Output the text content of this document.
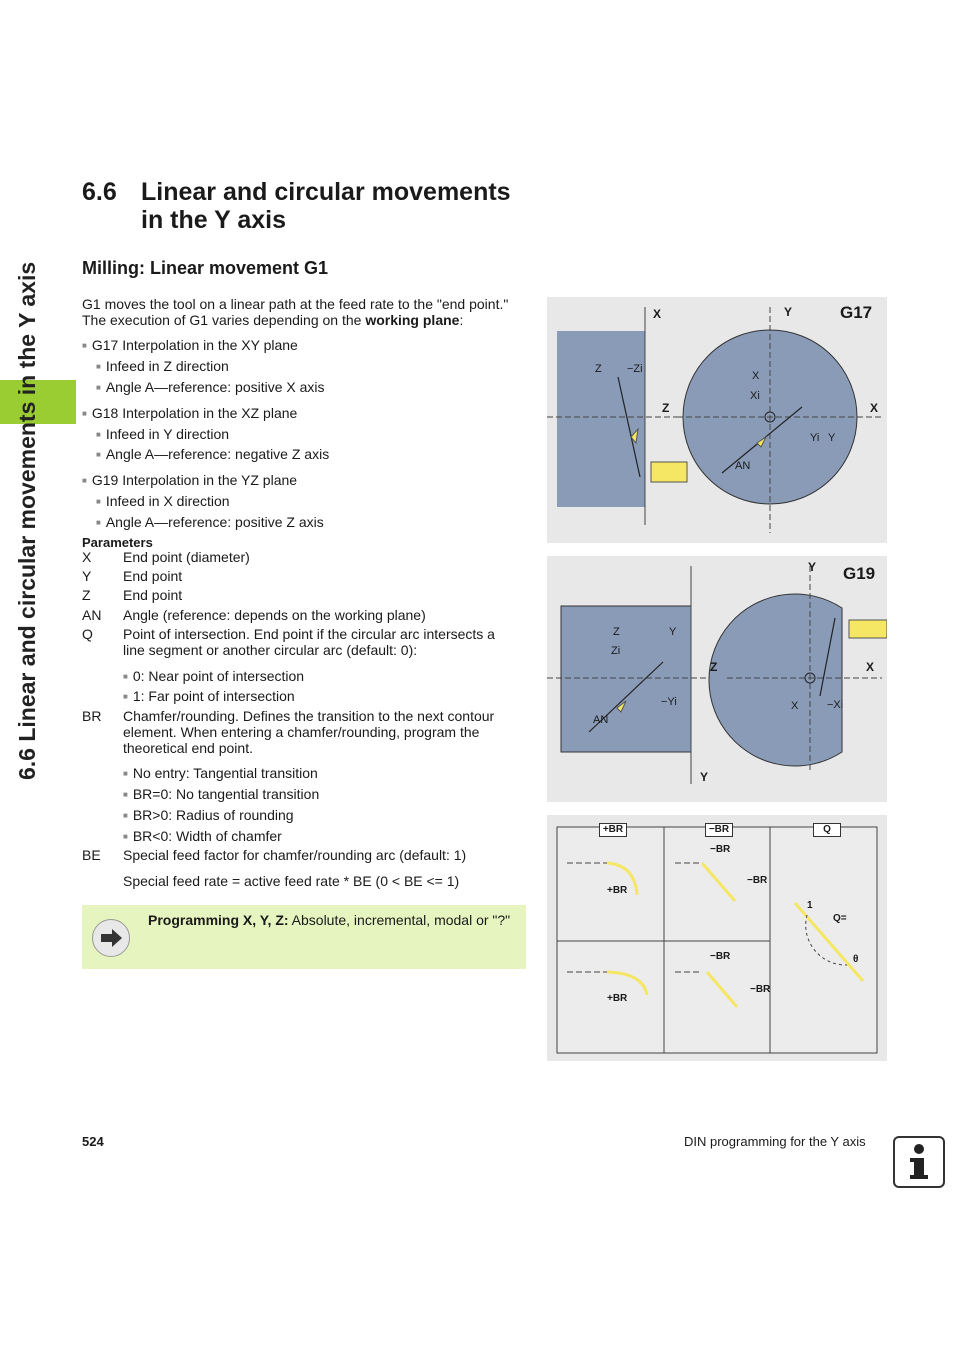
6.6 Linear and circular movements in the Y axis
6.6 Linear and circular movements
in the Y axis
Milling: Linear movement G1
G1 moves the tool on a linear path at the feed rate to the "end point."
The execution of G1 varies depending on the working plane:
■ G17 Interpolation in the XY plane
■ Infeed in Z direction
■ Angle A—reference: positive X axis
■ G18 Interpolation in the XZ plane
■ Infeed in Y direction
■ Angle A—reference: negative Z axis
■ G19 Interpolation in the YZ plane
■ Infeed in X direction
■ Angle A—reference: positive Z axis
Parameters
X End point (diameter)
Y End point
Z End point
AN Angle (reference: depends on the working plane)
Q Point of intersection. End point if the circular arc intersects a line segment or another circular arc (default: 0):
■ 0: Near point of intersection
■ 1: Far point of intersection
BR Chamfer/rounding. Defines the transition to the next contour element. When entering a chamfer/rounding, program the theoretical end point.
■ No entry: Tangential transition
■ BR=0: No tangential transition
■ BR>0: Radius of rounding
■ BR<0: Width of chamfer
BE Special feed factor for chamfer/rounding arc (default: 1)
Special feed rate = active feed rate * BE (0 < BE <= 1)
Programming X, Y, Z: Absolute, incremental, modal or "?"
G17
X	Y
Z	X
Z −Zi
X
Xi
Yi Y
AN
G19
Y
Z	X
Y
Z
Zi
Y
−Yi
AN
X	−Xi
+BR	−BR	Q
+BR
−BR
−BR
+BR
−BR
−BR
1
Q=
θ
524	DIN programming for the Y axis
